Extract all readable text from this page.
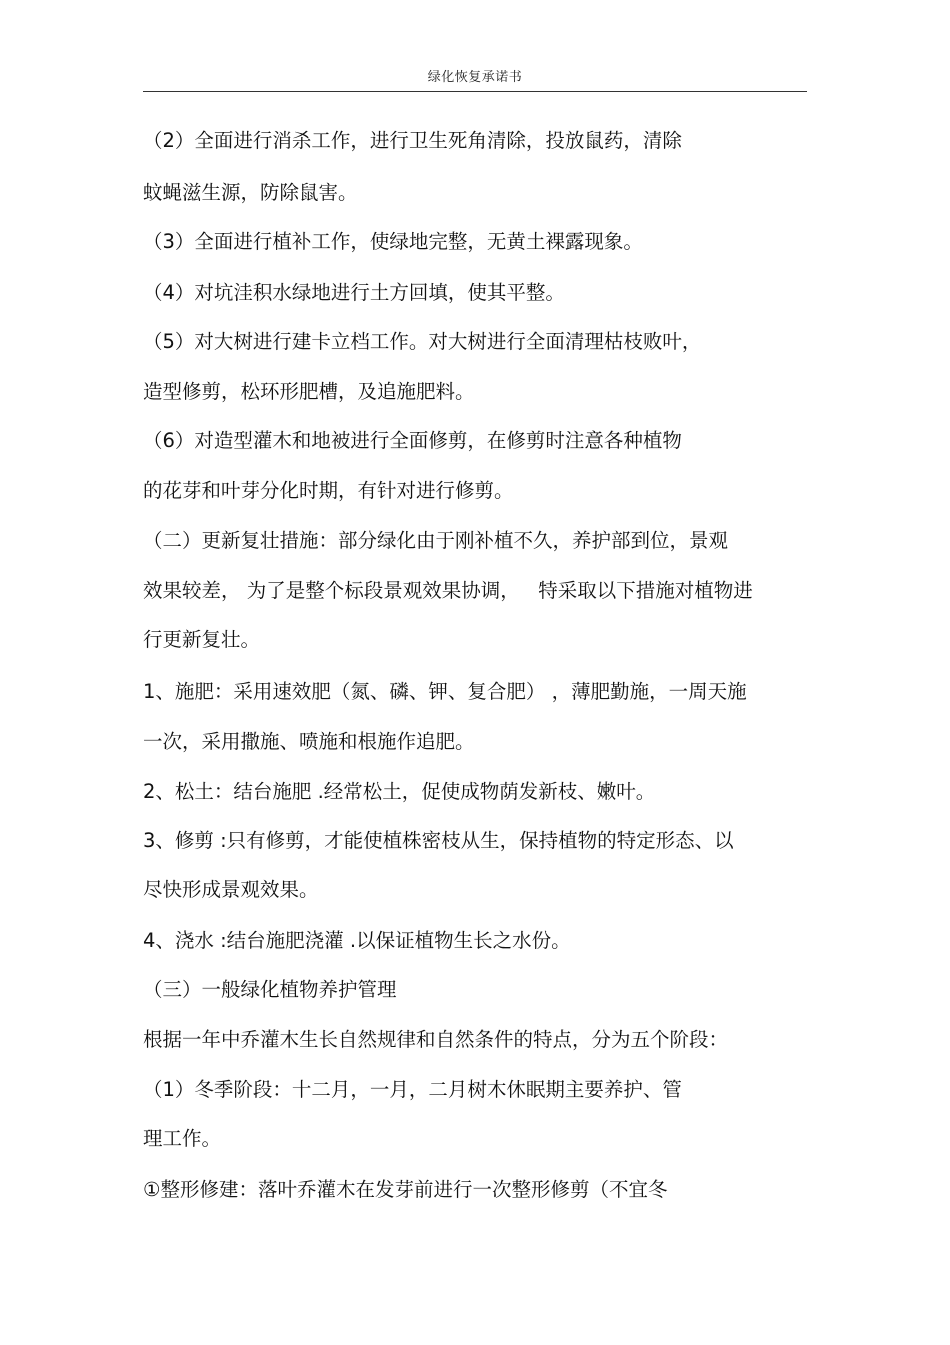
绿化恢复承诺书
（2）全面进行消杀工作，进行卫生死角清除，投放鼠药，清除
蚊蝇滋生源，防除鼠害。
（3）全面进行植补工作，使绿地完整，无黄土裸露现象。
（4）对坑洼积水绿地进行土方回填，使其平整。
（5）对大树进行建卡立档工作。对大树进行全面清理枯枝败叶，
造型修剪，松环形肥槽，及追施肥料。
（6）对造型灌木和地被进行全面修剪，在修剪时注意各种植物
的花芽和叶芽分化时期，有针对进行修剪。
（二）更新复壮措施：部分绿化由于刚补植不久，养护部到位，景观
效果较差， 为了是整个标段景观效果协调，   特采取以下措施对植物进
行更新复壮。
1、施肥：采用速效肥（氮、磷、钾、复合肥） ，薄肥勤施，一周天施
一次，采用撒施、喷施和根施作追肥。
2、松土：结台施肥 .经常松土，促使成物荫发新枝、嫩叶。
3、修剪 :只有修剪，才能使植株密枝从生，保持植物的特定形态、以
尽快形成景观效果。
4、浇水 :结台施肥浇灌 .以保证植物生长之水份。
（三）一般绿化植物养护管理
根据一年中乔灌木生长自然规律和自然条件的特点，分为五个阶段：
（1）冬季阶段：十二月，一月，二月树木休眠期主要养护、管
理工作。
①整形修建：落叶乔灌木在发芽前进行一次整形修剪（不宜冬
